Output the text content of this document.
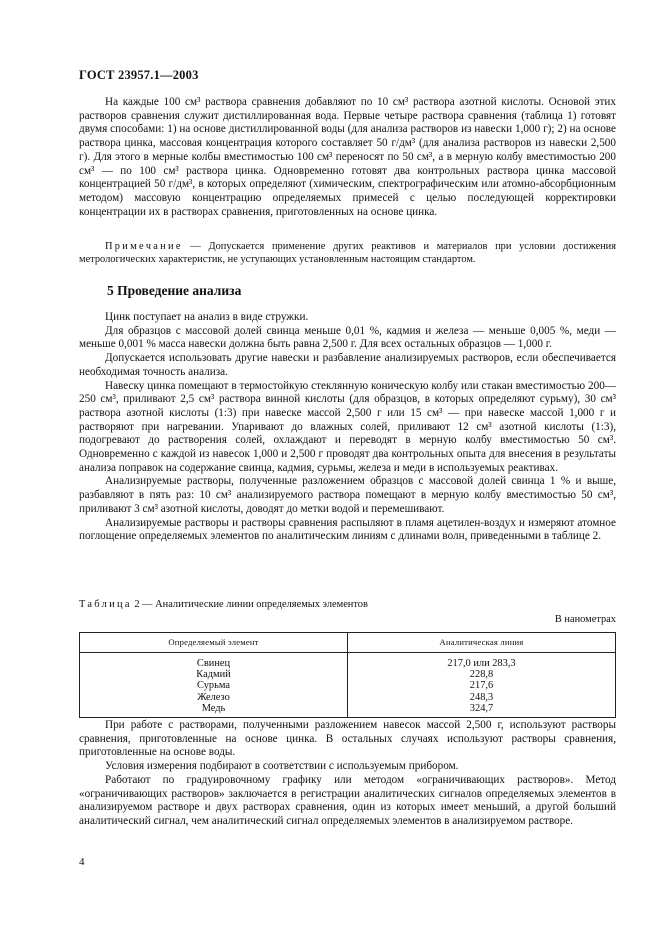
ГОСТ 23957.1—2003

На каждые 100 см³ раствора сравнения добавляют по 10 см³ раствора азотной кислоты. Основой этих растворов сравнения служит дистиллированная вода. Первые четыре раствора сравнения (таблица 1) готовят двумя способами: 1) на основе дистиллированной воды (для анализа растворов из навески 1,000 г); 2) на основе раствора цинка, массовая концентрация которого составляет 50 г/дм³ (для анализа растворов из навески 2,500 г). Для этого в мерные колбы вместимостью 100 см³ переносят по 50 см³, а в мерную колбу вместимостью 200 см³ — по 100 см³ раствора цинка. Одновременно готовят два контрольных раствора цинка массовой концентрацией 50 г/дм³, в которых определяют (химическим, спектрографическим или атомно-абсорбционным методом) массовую концентрацию определяемых примесей с целью последующей корректировки концентрации их в растворах сравнения, приготовленных на основе цинка.

Примечание — Допускается применение других реактивов и материалов при условии достижения метрологических характеристик, не уступающих установленным настоящим стандартом.

5 Проведение анализа

Цинк поступает на анализ в виде стружки.

Для образцов с массовой долей свинца меньше 0,01 %, кадмия и железа — меньше 0,005 %, меди — меньше 0,001 % масса навески должна быть равна 2,500 г. Для всех остальных образцов — 1,000 г.

Допускается использовать другие навески и разбавление анализируемых растворов, если обеспечивается необходимая точность анализа.

Навеску цинка помещают в термостойкую стеклянную коническую колбу или стакан вместимостью 200—250 см³, приливают 2,5 см³ раствора винной кислоты (для образцов, в которых определяют сурьму), 30 см³ раствора азотной кислоты (1:3) при навеске массой 2,500 г или 15 см³ — при навеске массой 1,000 г и растворяют при нагревании. Упаривают до влажных солей, приливают 12 см³ азотной кислоты (1:3), подогревают до растворения солей, охлаждают и переводят в мерную колбу вместимостью 50 см³. Одновременно с каждой из навесок 1,000 и 2,500 г проводят два контрольных опыта для внесения в результаты анализа поправок на содержание свинца, кадмия, сурьмы, железа и меди в используемых реактивах.

Анализируемые растворы, полученные разложением образцов с массовой долей свинца 1 % и выше, разбавляют в пять раз: 10 см³ анализируемого раствора помещают в мерную колбу вместимостью 50 см³, приливают 3 см³ азотной кислоты, доводят до метки водой и перемешивают.

Анализируемые растворы и растворы сравнения распыляют в пламя ацетилен-воздух и измеряют атомное поглощение определяемых элементов по аналитическим линиям с длинами волн, приведенными в таблице 2.

Таблица 2 — Аналитические линии определяемых элементов
В нанометрах
Определяемый элемент	Аналитическая линия
Свинец	217,0 или 283,3
Кадмий	228,8
Сурьма	217,6
Железо	248,3
Медь	324,7

При работе с растворами, полученными разложением навесок массой 2,500 г, используют растворы сравнения, приготовленные на основе цинка. В остальных случаях используют растворы сравнения, приготовленные на основе воды.

Условия измерения подбирают в соответствии с используемым прибором.

Работают по градуировочному графику или методом «ограничивающих растворов». Метод «ограничивающих растворов» заключается в регистрации аналитических сигналов определяемых элементов в анализируемом растворе и двух растворах сравнения, один из которых имеет меньший, а другой больший аналитический сигнал, чем аналитический сигнал определяемых элементов в анализируемом растворе.

4
